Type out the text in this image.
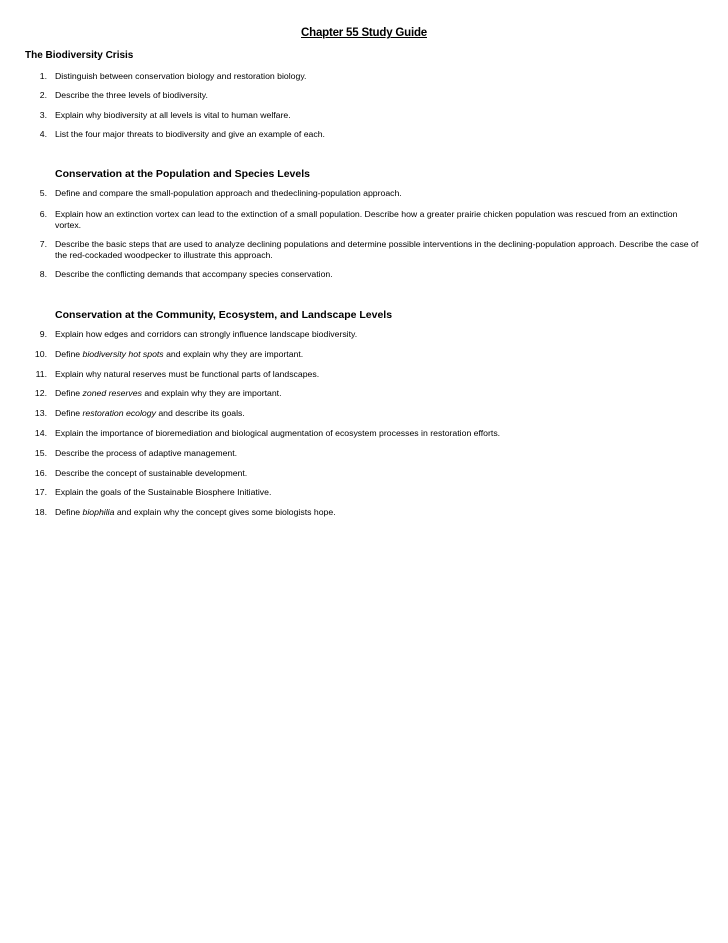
Chapter 55 Study Guide
The Biodiversity Crisis
1. Distinguish between conservation biology and restoration biology.
2. Describe the three levels of biodiversity.
3. Explain why biodiversity at all levels is vital to human welfare.
4. List the four major threats to biodiversity and give an example of each.
Conservation at the Population and Species Levels
5. Define and compare the small-population approach and thedeclining-population approach.
6. Explain how an extinction vortex can lead to the extinction of a small population. Describe how a greater prairie chicken population was rescued from an extinction vortex.
7. Describe the basic steps that are used to analyze declining populations and determine possible interventions in the declining-population approach. Describe the case of the red-cockaded woodpecker to illustrate this approach.
8. Describe the conflicting demands that accompany species conservation.
Conservation at the Community, Ecosystem, and Landscape Levels
9. Explain how edges and corridors can strongly influence landscape biodiversity.
10. Define biodiversity hot spots and explain why they are important.
11. Explain why natural reserves must be functional parts of landscapes.
12. Define zoned reserves and explain why they are important.
13. Define restoration ecology and describe its goals.
14. Explain the importance of bioremediation and biological augmentation of ecosystem processes in restoration efforts.
15. Describe the process of adaptive management.
16. Describe the concept of sustainable development.
17. Explain the goals of the Sustainable Biosphere Initiative.
18. Define biophilia and explain why the concept gives some biologists hope.
